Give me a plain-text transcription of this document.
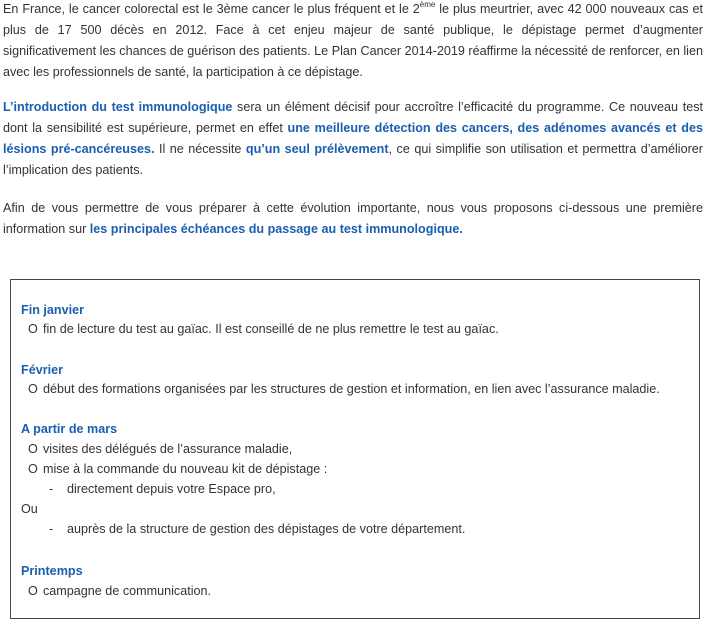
En France, le cancer colorectal est le 3ème cancer le plus fréquent et le 2ème le plus meurtrier, avec 42 000 nouveaux cas et plus de 17 500 décès en 2012. Face à cet enjeu majeur de santé publique, le dépistage permet d’augmenter significativement les chances de guérison des patients. Le Plan Cancer 2014-2019 réaffirme la nécessité de renforcer, en lien avec les professionnels de santé, la participation à ce dépistage.

L’introduction du test immunologique sera un élément décisif pour accroître l’efficacité du programme. Ce nouveau test dont la sensibilité est supérieure, permet en effet une meilleure détection des cancers, des adénomes avancés et des lésions pré-cancéreuses. Il ne nécessite qu’un seul prélèvement, ce qui simplifie son utilisation et permettra d’améliorer l’implication des patients.

Afin de vous permettre de vous préparer à cette évolution importante, nous vous proposons ci-dessous une première information sur les principales échéances du passage au test immunologique.

Fin janvier
O fin de lecture du test au gaïac. Il est conseillé de ne plus remettre le test au gaïac.
Février
O début des formations organisées par les structures de gestion et information, en lien avec l’assurance maladie.
A partir de mars
O visites des délégués de l’assurance maladie,
O mise à la commande du nouveau kit de dépistage :
- directement depuis votre Espace pro,
Ou
- auprès de la structure de gestion des dépistages de votre département.
Printemps
O campagne de communication.
